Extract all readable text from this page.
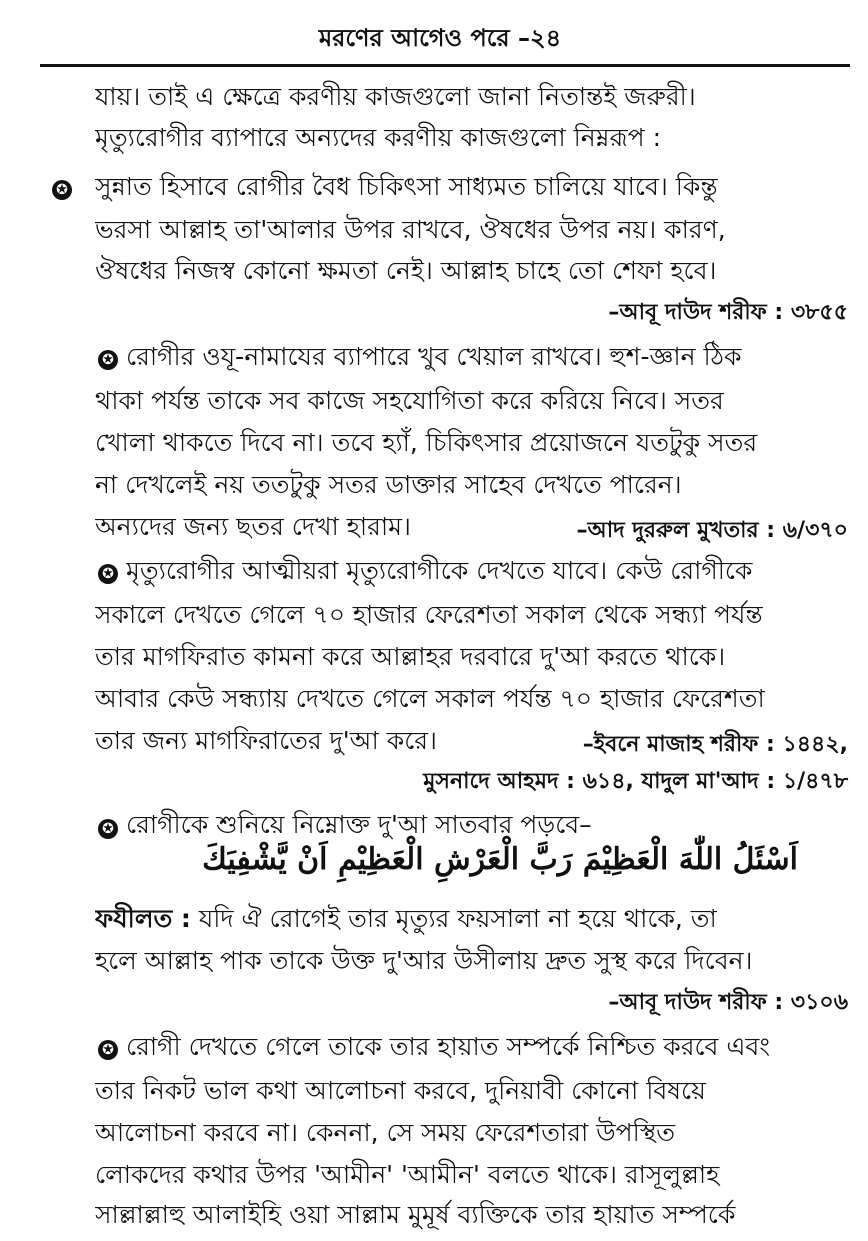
মরণের আগেও পরে –২৪
যায়। তাই এ ক্ষেত্রে করণীয় কাজগুলো জানা নিতান্তই জরুরী।
মৃত্যুরোগীর ব্যাপারে অন্যদের করণীয় কাজগুলো নিম্নরূপ :
✪ সুন্নাত হিসাবে রোগীর বৈধ চিকিৎসা সাধ্যমত চালিয়ে যাবে। কিন্তু
ভরসা আল্লাহ তা'আলার উপর রাখবে, ঔষধের উপর নয়। কারণ,
ঔষধের নিজস্ব কোনো ক্ষমতা নেই। আল্লাহ চাহে তো শেফা হবে।
–আবূ দাউদ শরীফ : ৩৮৫৫
✪ রোগীর ওযূ-নামাযের ব্যাপারে খুব খেয়াল রাখবে। হুশ-জ্ঞান ঠিক
থাকা পর্যন্ত তাকে সব কাজে সহযোগিতা করে করিয়ে নিবে। সতর
খোলা থাকতে দিবে না। তবে হ্যাঁ, চিকিৎসার প্রয়োজনে যতটুকু সতর
না দেখলেই নয় ততটুকু সতর ডাক্তার সাহেব দেখতে পারেন।
অন্যদের জন্য ছতর দেখা হারাম।	–আদ দুররুল মুখতার : ৬/৩৭০
✪ মৃত্যুরোগীর আত্মীয়রা মৃত্যুরোগীকে দেখতে যাবে। কেউ রোগীকে
সকালে দেখতে গেলে ৭০ হাজার ফেরেশতা সকাল থেকে সন্ধ্যা পর্যন্ত
তার মাগফিরাত কামনা করে আল্লাহর দরবারে দু'আ করতে থাকে।
আবার কেউ সন্ধ্যায় দেখতে গেলে সকাল পর্যন্ত ৭০ হাজার ফেরেশতা
তার জন্য মাগফিরাতের দু'আ করে।	–ইবনে মাজাহ শরীফ : ১৪৪২,
মুসনাদে আহমদ : ৬১৪, যাদুল মা'আদ : ১/৪৭৮
✪ রোগীকে শুনিয়ে নিম্নোক্ত দু'আ সাতবার পড়বে–
اَسْئَلُ اللّٰهَ الْعَظِيْمَ رَبَّ الْعَرْشِ الْعَظِيْمِ اَنْ يَّشْفِيَكَ
ফযীলত : যদি ঐ রোগেই তার মৃত্যুর ফয়সালা না হয়ে থাকে, তা
হলে আল্লাহ পাক তাকে উক্ত দু'আর উসীলায় দ্রুত সুস্থ করে দিবেন।
–আবূ দাউদ শরীফ : ৩১০৬
✪ রোগী দেখতে গেলে তাকে তার হায়াত সম্পর্কে নিশ্চিত করবে এবং
তার নিকট ভাল কথা আলোচনা করবে, দুনিয়াবী কোনো বিষয়ে
আলোচনা করবে না। কেননা, সে সময় ফেরেশতারা উপস্থিত
লোকদের কথার উপর 'আমীন' 'আমীন' বলতে থাকে। রাসূলুল্লাহ
সাল্লাল্লাহু আলাইহি ওয়া সাল্লাম মুমূর্ষ ব্যক্তিকে তার হায়াত সম্পর্কে
